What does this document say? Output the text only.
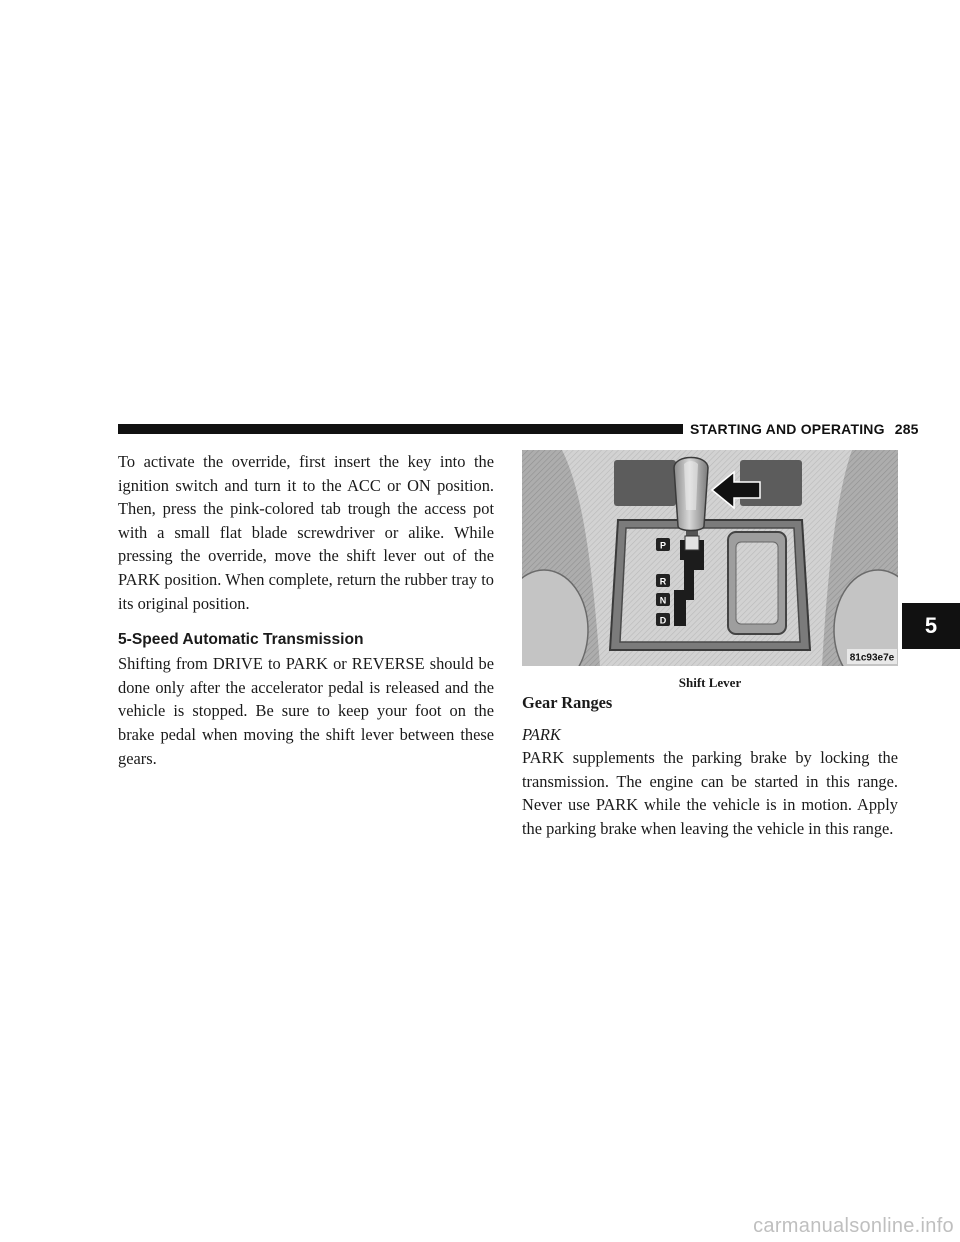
STARTING AND OPERATING 285

To activate the override, first insert the key into the ignition switch and turn it to the ACC or ON position. Then, press the pink-colored tab trough the access pot with a small flat blade screwdriver or alike. While pressing the override, move the shift lever out of the PARK position. When complete, return the rubber tray to its original position.

5-Speed Automatic Transmission

Shifting from DRIVE to PARK or REVERSE should be done only after the accelerator pedal is released and the vehicle is stopped. Be sure to keep your foot on the brake pedal when moving the shift lever between these gears.

P
R
N
D
81c93e7e

Shift Lever

Gear Ranges
PARK

PARK supplements the parking brake by locking the transmission. The engine can be started in this range. Never use PARK while the vehicle is in motion. Apply the parking brake when leaving the vehicle in this range.

5
carmanualsonline.info
